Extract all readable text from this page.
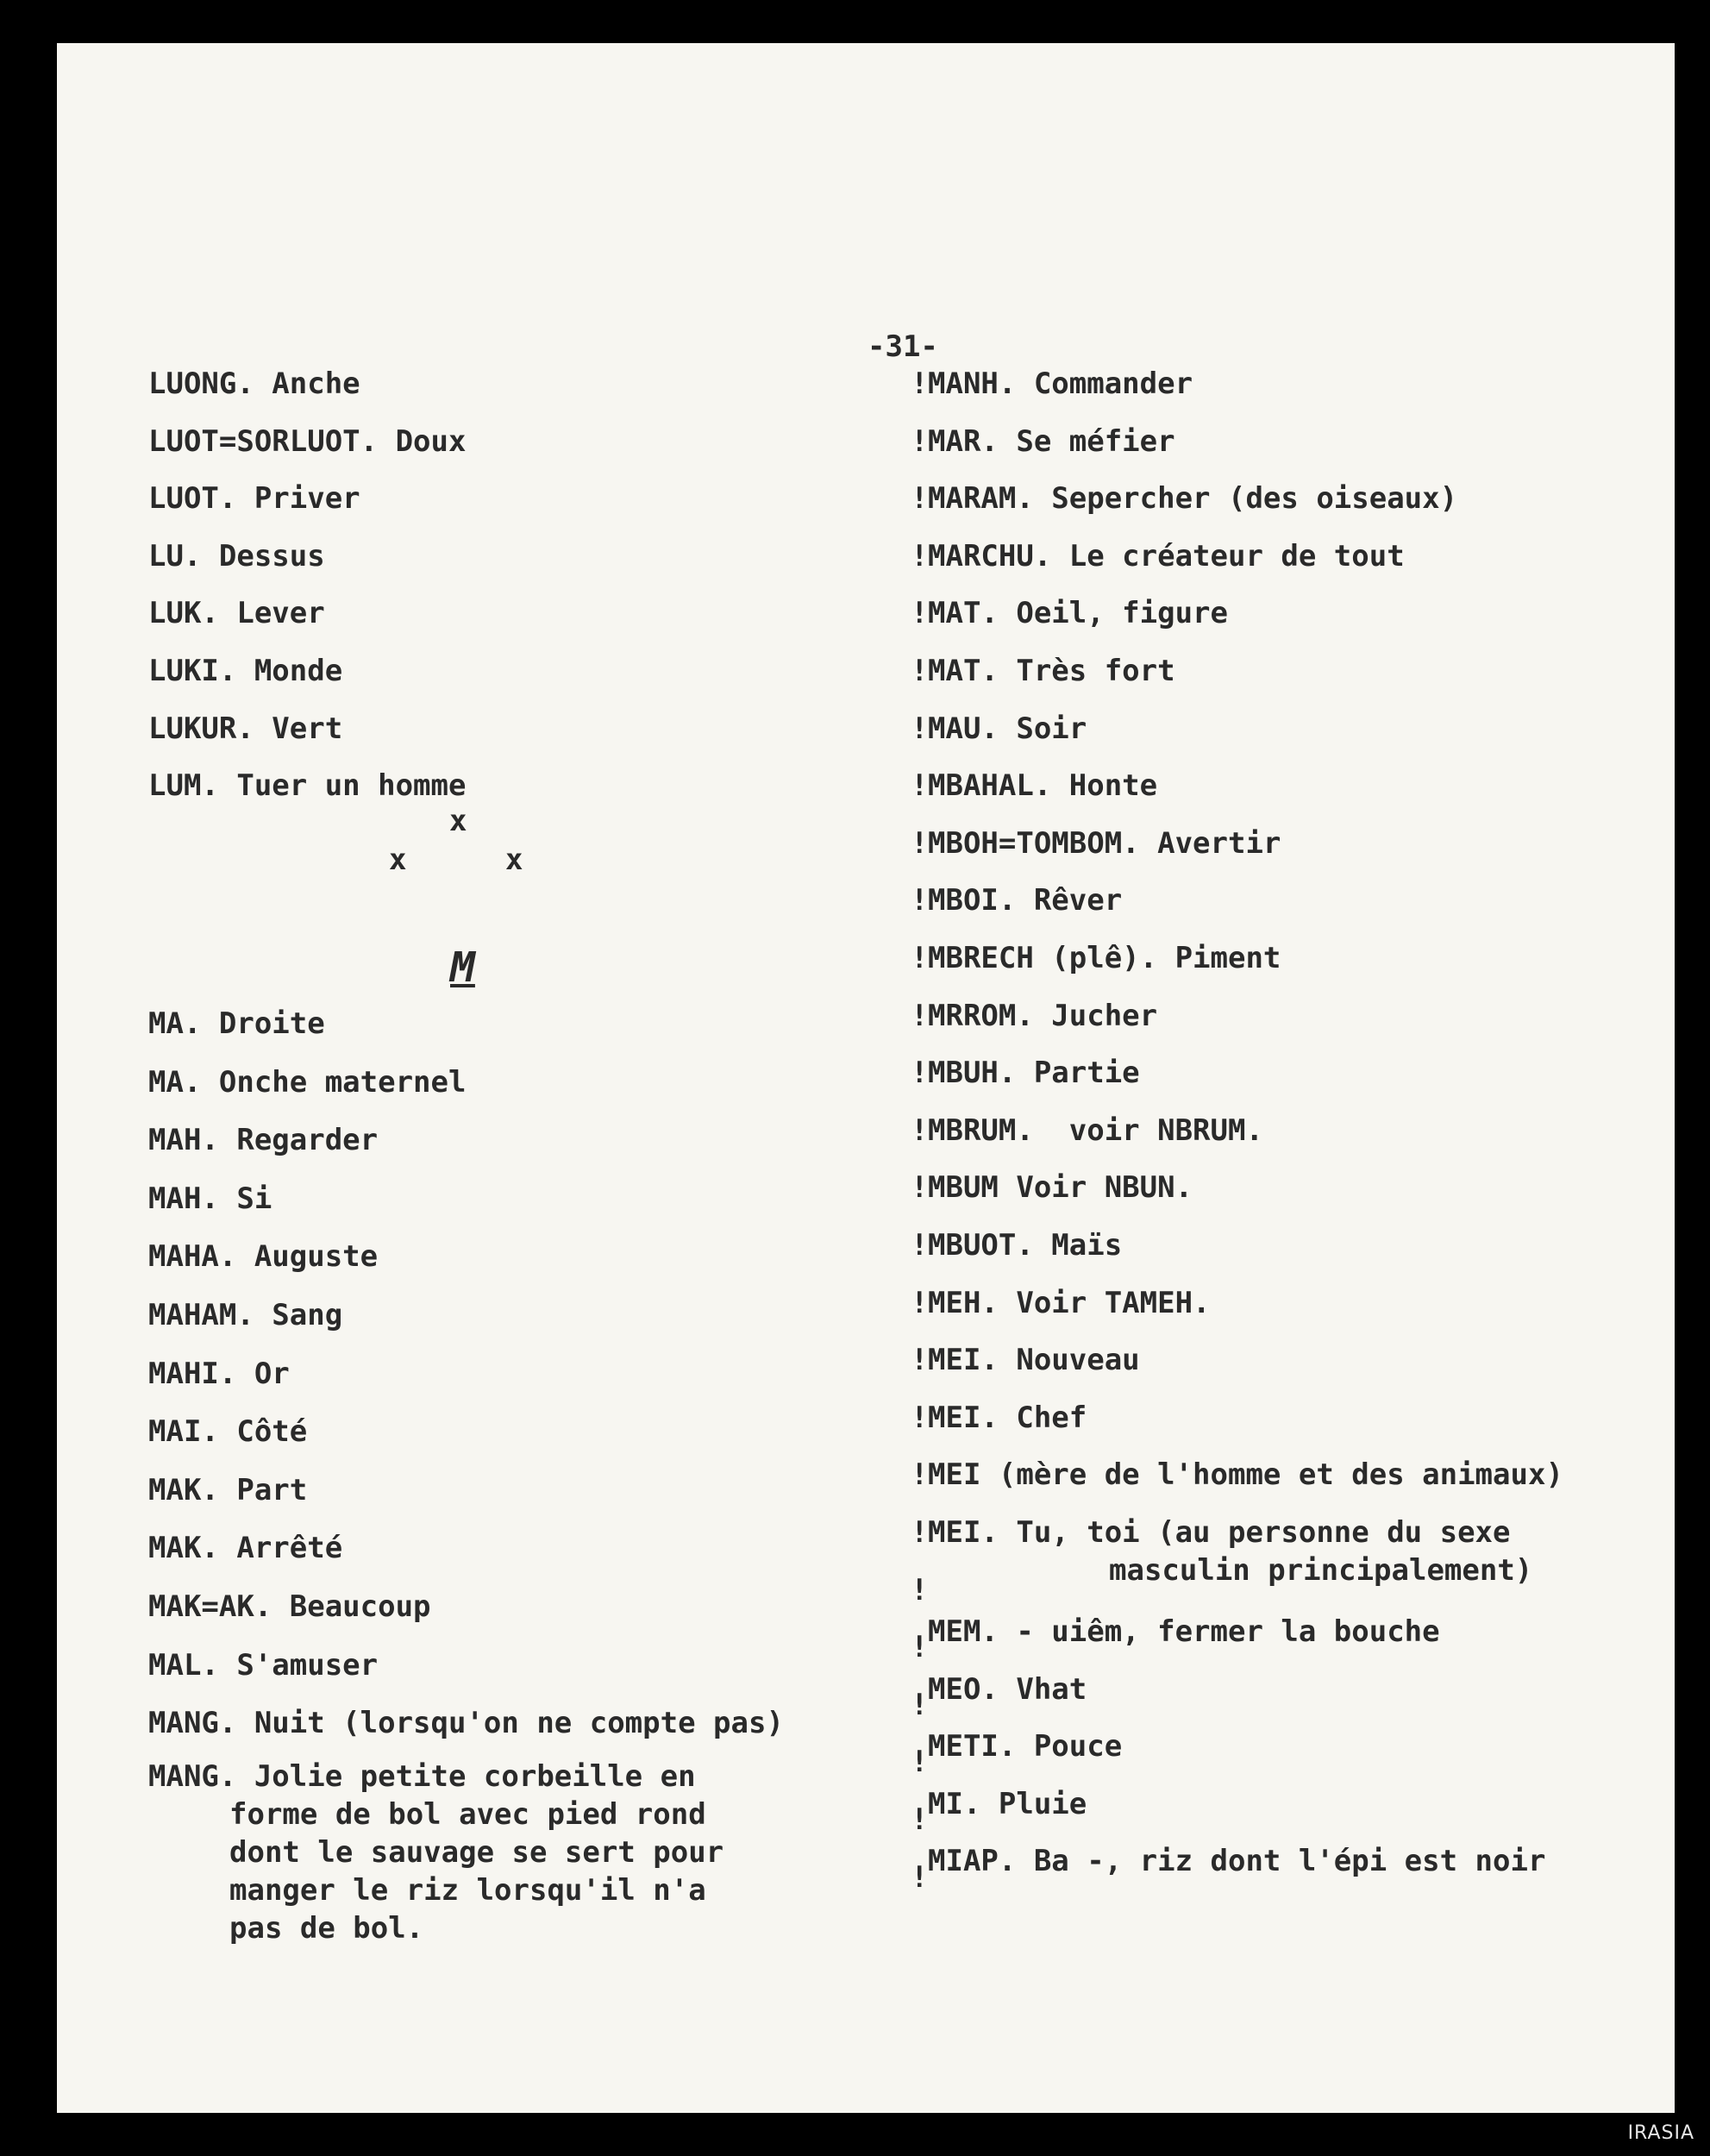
-31-
LUONG. Anche
LUOT=SORLUOT. Doux
LUOT. Priver
LU. Dessus
LUK. Lever
LUKI. Monde
LUKUR. Vert
LUM. Tuer un homme
x
x	x
M
MA. Droite
MA. Onche maternel
MAH. Regarder
MAH. Si
MAHA. Auguste
MAHAM. Sang
MAHI. Or
MAI. Côté
MAK. Part
MAK. Arrêté
MAK=AK. Beaucoup
MAL. S'amuser
MANG. Nuit (lorsqu'on ne compte pas)
MANG. Jolie petite corbeille en
forme de bol avec pied rond
dont le sauvage se sert pour
manger le riz lorsqu'il n'a
pas de bol.
!
!
!
!
!
!
!
!
!
!
!
!
!
!
!
!
!
!
!
!
!
!
!
!
!
!
!
MANH. Commander
MAR. Se méfier
MARAM. Sepercher (des oiseaux)
MARCHU. Le créateur de tout
MAT. Oeil, figure
MAT. Très fort
MAU. Soir
MBAHAL. Honte
MBOH=TOMBOM. Avertir
MBOI. Rêver
MBRECH (plê). Piment
MRROM. Jucher
MBUH. Partie
MBRUM.  voir NBRUM.
MBUM Voir NBUN.
MBUOT. Maïs
MEH. Voir TAMEH.
MEI. Nouveau
MEI. Chef
MEI (mère de l'homme et des animaux)
MEI. Tu, toi (au personne du sexe
masculin principalement)
MEM. - uiêm, fermer la bouche
MEO. Vhat
METI. Pouce
MI. Pluie
MIAP. Ba -, riz dont l'épi est noir
IRASIA
